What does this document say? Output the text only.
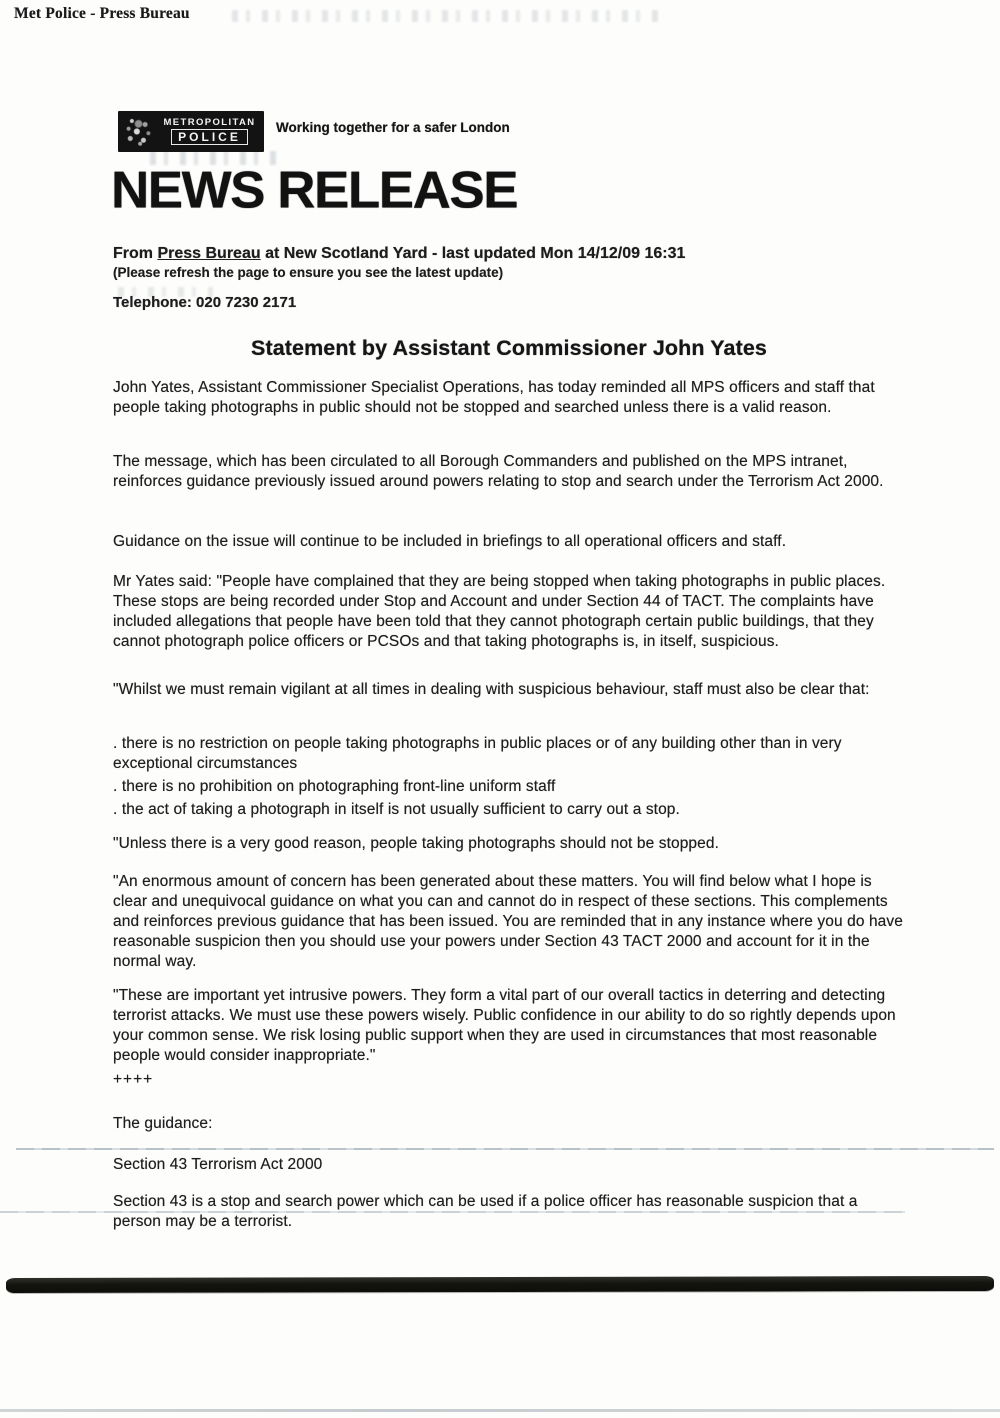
Met Police - Press Bureau
METROPOLITAN
POLICE
Working together for a safer London
NEWS RELEASE
From Press Bureau at New Scotland Yard - last updated Mon 14/12/09 16:31
(Please refresh the page to ensure you see the latest update)
Telephone: 020 7230 2171
Statement by Assistant Commissioner John Yates
John Yates, Assistant Commissioner Specialist Operations, has today reminded all MPS officers and staff that people taking photographs in public should not be stopped and searched unless there is a valid reason.
The message, which has been circulated to all Borough Commanders and published on the MPS intranet, reinforces guidance previously issued around powers relating to stop and search under the Terrorism Act 2000.
Guidance on the issue will continue to be included in briefings to all operational officers and staff.
Mr Yates said: "People have complained that they are being stopped when taking photographs in public places. These stops are being recorded under Stop and Account and under Section 44 of TACT. The complaints have included allegations that people have been told that they cannot photograph certain public buildings, that they cannot photograph police officers or PCSOs and that taking photographs is, in itself, suspicious.
"Whilst we must remain vigilant at all times in dealing with suspicious behaviour, staff must also be clear that:
. there is no restriction on people taking photographs in public places or of any building other than in very exceptional circumstances
. there is no prohibition on photographing front-line uniform staff
. the act of taking a photograph in itself is not usually sufficient to carry out a stop.
"Unless there is a very good reason, people taking photographs should not be stopped.
"An enormous amount of concern has been generated about these matters. You will find below what I hope is clear and unequivocal guidance on what you can and cannot do in respect of these sections. This complements and reinforces previous guidance that has been issued. You are reminded that in any instance where you do have reasonable suspicion then you should use your powers under Section 43 TACT 2000 and account for it in the normal way.
"These are important yet intrusive powers. They form a vital part of our overall tactics in deterring and detecting terrorist attacks. We must use these powers wisely. Public confidence in our ability to do so rightly depends upon your common sense. We risk losing public support when they are used in circumstances that most reasonable people would consider inappropriate."
++++
The guidance:
Section 43 Terrorism Act 2000
Section 43 is a stop and search power which can be used if a police officer has reasonable suspicion that a person may be a terrorist.
